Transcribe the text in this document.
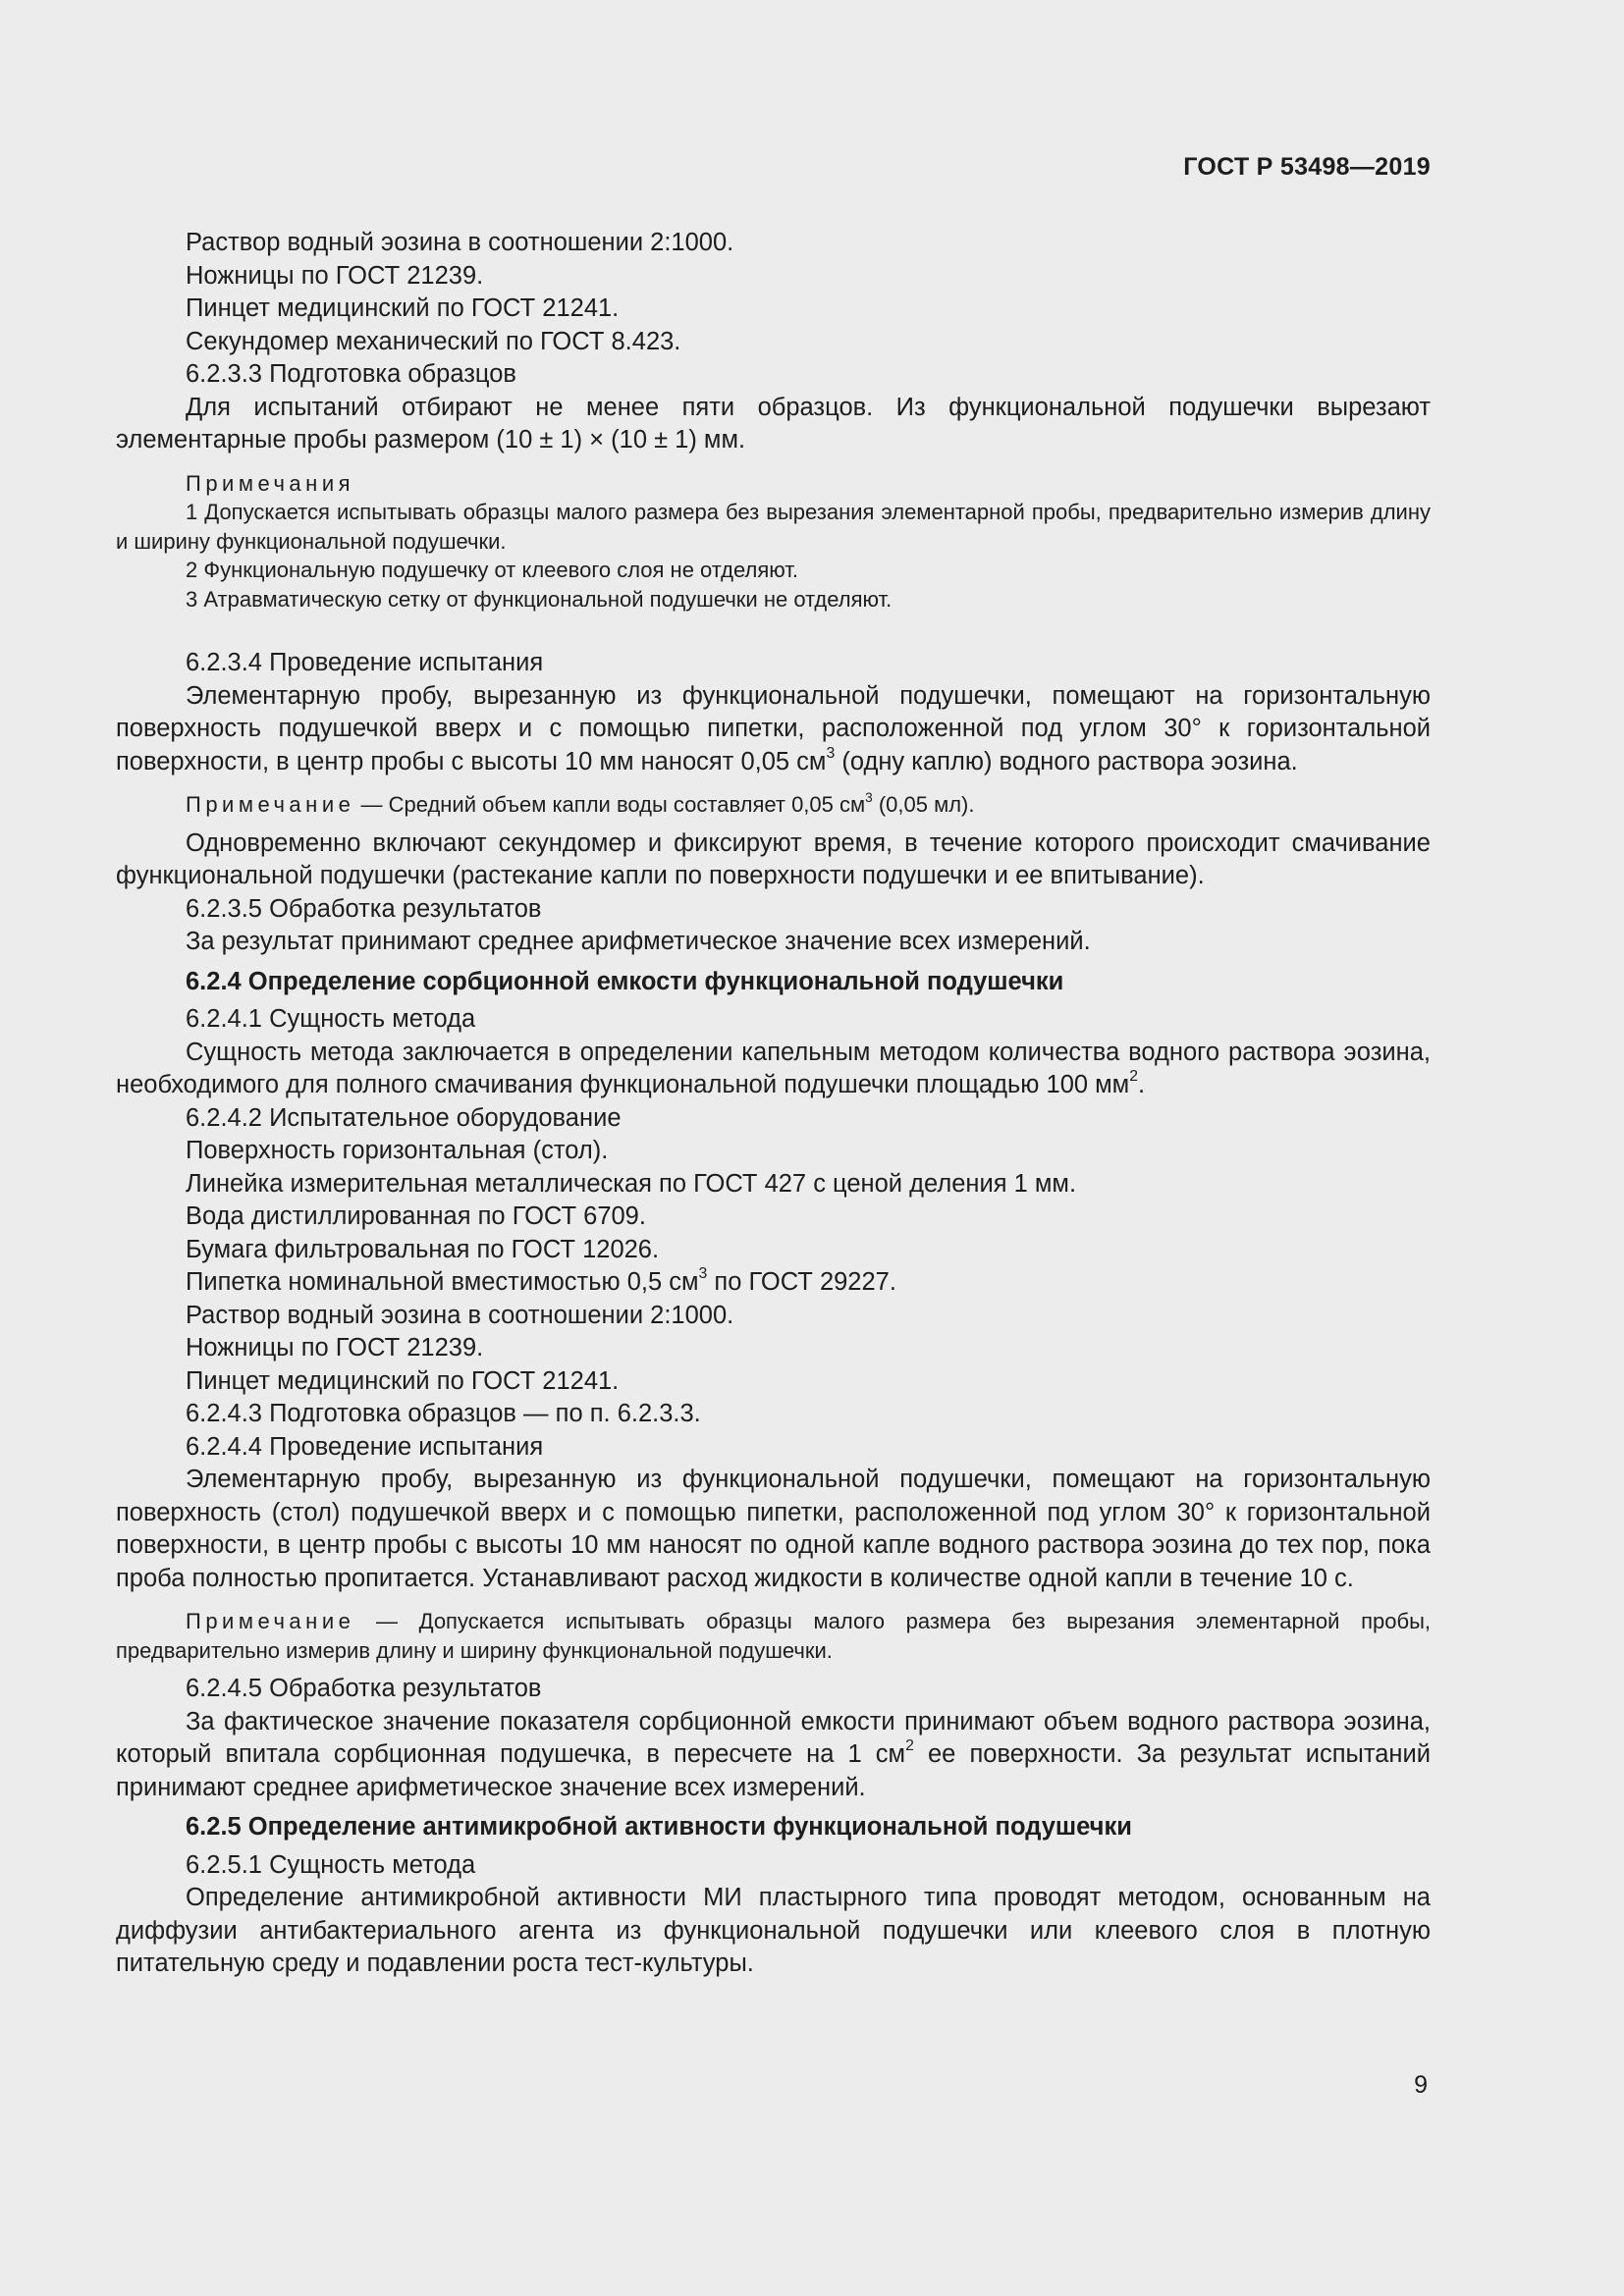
ГОСТ Р 53498—2019

Раствор водный эозина в соотношении 2:1000.

Ножницы по ГОСТ 21239.

Пинцет медицинский по ГОСТ 21241.

Секундомер механический по ГОСТ 8.423.

6.2.3.3 Подготовка образцов

Для испытаний отбирают не менее пяти образцов. Из функциональной подушечки вырезают элементарные пробы размером (10 ± 1) × (10 ± 1) мм.

Примечания

1 Допускается испытывать образцы малого размера без вырезания элементарной пробы, предварительно измерив длину и ширину функциональной подушечки.

2 Функциональную подушечку от клеевого слоя не отделяют.

3 Атравматическую сетку от функциональной подушечки не отделяют.

6.2.3.4 Проведение испытания

Элементарную пробу, вырезанную из функциональной подушечки, помещают на горизонтальную поверхность подушечкой вверх и с помощью пипетки, расположенной под углом 30° к горизонтальной поверхности, в центр пробы с высоты 10 мм наносят 0,05 $см^3$ (одну каплю) водного раствора эозина.

Примечание — Средний объем капли воды составляет 0,05 $см^3$ (0,05 мл).

Одновременно включают секундомер и фиксируют время, в течение которого происходит смачивание функциональной подушечки (растекание капли по поверхности подушечки и ее впитывание).

6.2.3.5 Обработка результатов

За результат принимают среднее арифметическое значение всех измерений.

6.2.4 Определение сорбционной емкости функциональной подушечки

6.2.4.1 Сущность метода

Сущность метода заключается в определении капельным методом количества водного раствора эозина, необходимого для полного смачивания функциональной подушечки площадью 100 $мм^2$.

6.2.4.2 Испытательное оборудование

Поверхность горизонтальная (стол).

Линейка измерительная металлическая по ГОСТ 427 с ценой деления 1 мм.

Вода дистиллированная по ГОСТ 6709.

Бумага фильтровальная по ГОСТ 12026.

Пипетка номинальной вместимостью 0,5 $см^3$ по ГОСТ 29227.

Раствор водный эозина в соотношении 2:1000.

Ножницы по ГОСТ 21239.

Пинцет медицинский по ГОСТ 21241.

6.2.4.3 Подготовка образцов — по п. 6.2.3.3.

6.2.4.4 Проведение испытания

Элементарную пробу, вырезанную из функциональной подушечки, помещают на горизонтальную поверхность (стол) подушечкой вверх и с помощью пипетки, расположенной под углом 30° к горизонтальной поверхности, в центр пробы с высоты 10 мм наносят по одной капле водного раствора эозина до тех пор, пока проба полностью пропитается. Устанавливают расход жидкости в количестве одной капли в течение 10 с.

Примечание — Допускается испытывать образцы малого размера без вырезания элементарной пробы, предварительно измерив длину и ширину функциональной подушечки.

6.2.4.5 Обработка результатов

За фактическое значение показателя сорбционной емкости принимают объем водного раствора эозина, который впитала сорбционная подушечка, в пересчете на 1 $см^2$ ее поверхности. За результат испытаний принимают среднее арифметическое значение всех измерений.

6.2.5 Определение антимикробной активности функциональной подушечки

6.2.5.1 Сущность метода

Определение антимикробной активности МИ пластырного типа проводят методом, основанным на диффузии антибактериального агента из функциональной подушечки или клеевого слоя в плотную питательную среду и подавлении роста тест-культуры.

9
